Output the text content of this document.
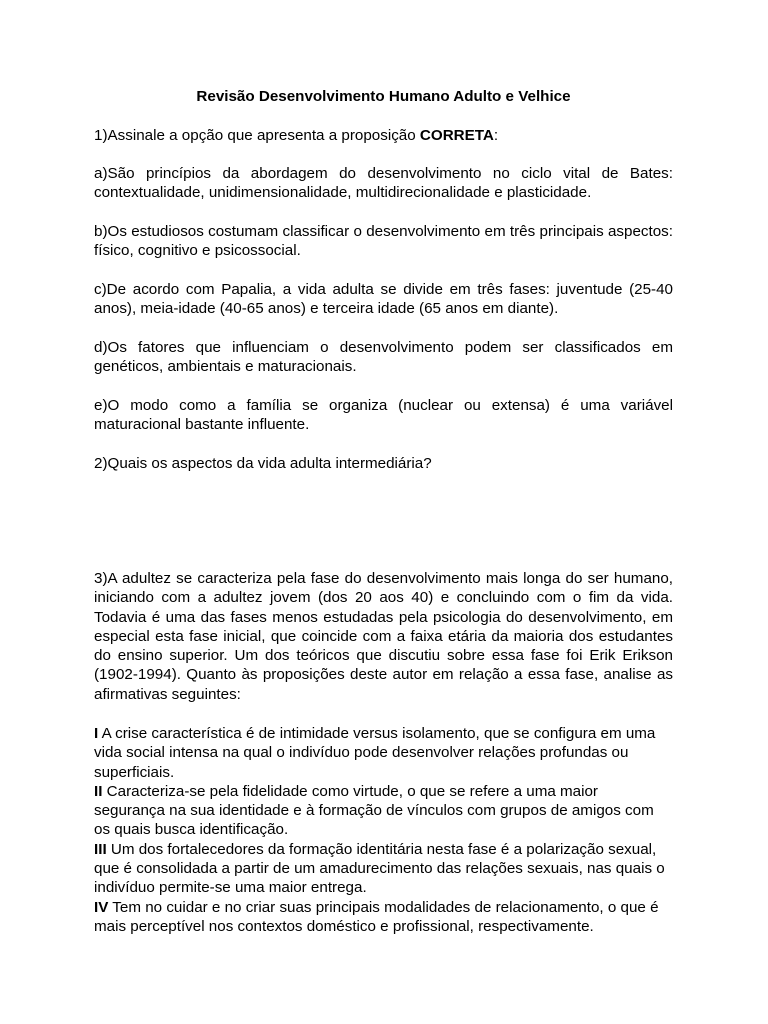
Revisão Desenvolvimento Humano Adulto e Velhice

1)Assinale a opção que apresenta a proposição CORRETA:

a)São princípios da abordagem do desenvolvimento no ciclo vital de Bates: contextualidade, unidimensionalidade, multidirecionalidade e plasticidade.

b)Os estudiosos costumam classificar o desenvolvimento em três principais aspectos: físico, cognitivo e psicossocial.

c)De acordo com Papalia, a vida adulta se divide em três fases: juventude (25-40 anos), meia-idade (40-65 anos) e terceira idade (65 anos em diante).

d)Os fatores que influenciam o desenvolvimento podem ser classificados em genéticos, ambientais e maturacionais.

e)O modo como a família se organiza (nuclear ou extensa) é uma variável maturacional bastante influente.

2)Quais os aspectos da vida adulta intermediária?

3)A adultez se caracteriza pela fase do desenvolvimento mais longa do ser humano, iniciando com a adultez jovem (dos 20 aos 40) e concluindo com o fim da vida. Todavia é uma das fases menos estudadas pela psicologia do desenvolvimento, em especial esta fase inicial, que coincide com a faixa etária da maioria dos estudantes do ensino superior. Um dos teóricos que discutiu sobre essa fase foi Erik Erikson (1902-1994). Quanto às proposições deste autor em relação a essa fase, analise as afirmativas seguintes:

I A crise característica é de intimidade versus isolamento, que se configura em uma vida social intensa na qual o indivíduo pode desenvolver relações profundas ou superficiais.
II Caracteriza-se pela fidelidade como virtude, o que se refere a uma maior segurança na sua identidade e à formação de vínculos com grupos de amigos com os quais busca identificação.
III Um dos fortalecedores da formação identitária nesta fase é a polarização sexual, que é consolidada a partir de um amadurecimento das relações sexuais, nas quais o indivíduo permite-se uma maior entrega.
IV Tem no cuidar e no criar suas principais modalidades de relacionamento, o que é mais perceptível nos contextos doméstico e profissional, respectivamente.
